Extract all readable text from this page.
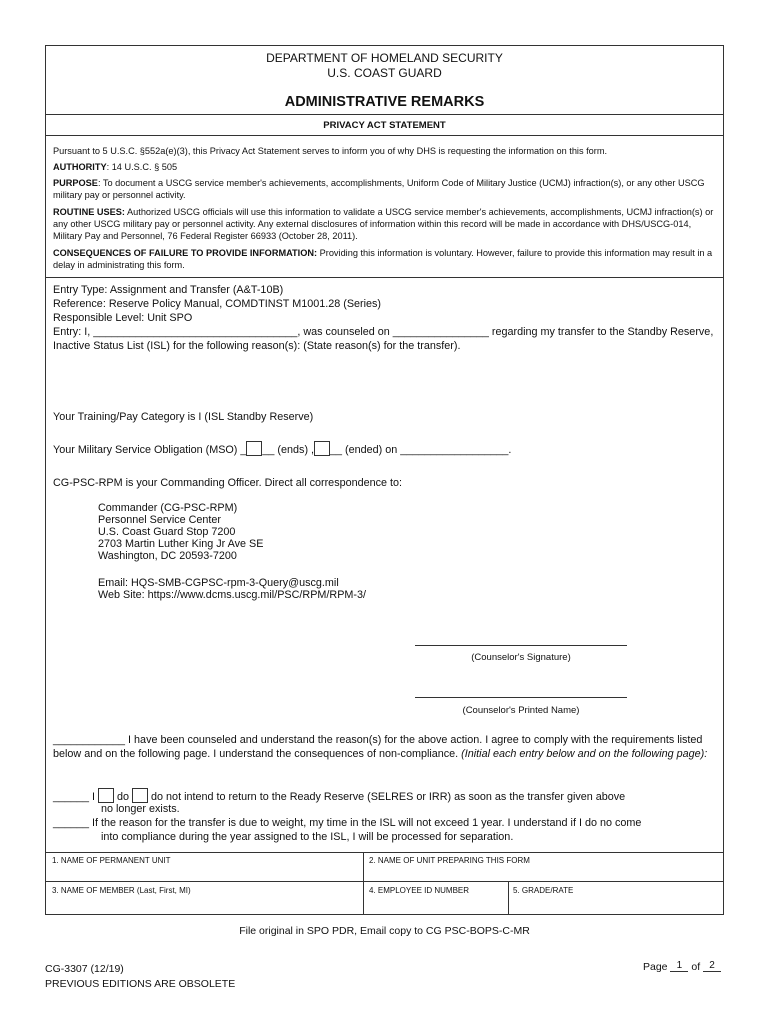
DEPARTMENT OF HOMELAND SECURITY
U.S. COAST GUARD
ADMINISTRATIVE REMARKS
PRIVACY ACT STATEMENT
Pursuant to 5 U.S.C. §552a(e)(3), this Privacy Act Statement serves to inform you of why DHS is requesting the information on this form.
AUTHORITY: 14 U.S.C. § 505
PURPOSE: To document a USCG service member's achievements, accomplishments, Uniform Code of Military Justice (UCMJ) infraction(s), or any other USCG military pay or personnel activity.
ROUTINE USES: Authorized USCG officials will use this information to validate a USCG service member's achievements, accomplishments, UCMJ infraction(s) or any other USCG military pay or personnel activity. Any external disclosures of information within this record will be made in accordance with DHS/USCG-014, Military Pay and Personnel, 76 Federal Register 66933 (October 28, 2011).
CONSEQUENCES OF FAILURE TO PROVIDE INFORMATION: Providing this information is voluntary. However, failure to provide this information may result in a delay in administrating this form.
Entry Type: Assignment and Transfer (A&T-10B)
Reference: Reserve Policy Manual, COMDTINST M1001.28 (Series)
Responsible Level: Unit SPO
Entry: I, __________________________________, was counseled on ________________ regarding my transfer to the Standby Reserve, Inactive Status List (ISL) for the following reason(s): (State reason(s) for the transfer).
Your Training/Pay Category is I (ISL Standby Reserve)
Your Military Service Obligation (MSO) _ __ (ends) , __ (ended) on __________________.
CG-PSC-RPM is your Commanding Officer. Direct all correspondence to:
Commander (CG-PSC-RPM)
Personnel Service Center
U.S. Coast Guard Stop 7200
2703 Martin Luther King Jr Ave SE
Washington, DC 20593-7200
Email: HQS-SMB-CGPSC-rpm-3-Query@uscg.mil
Web Site: https://www.dcms.uscg.mil/PSC/RPM/RPM-3/
(Counselor's Signature)
(Counselor's Printed Name)
____________ I have been counseled and understand the reason(s) for the above action. I agree to comply with the requirements listed below and on the following page. I understand the consequences of non-compliance. (Initial each entry below and on the following page):
______ I  do  do not intend to return to the Ready Reserve (SELRES or IRR) as soon as the transfer given above
no longer exists.
______ If the reason for the transfer is due to weight, my time in the ISL will not exceed 1 year. I understand if I do no come
into compliance during the year assigned to the ISL, I will be processed for separation.
1. NAME OF PERMANENT UNIT	2. NAME OF UNIT PREPARING THIS FORM
3. NAME OF MEMBER (Last, First, MI)	4. EMPLOYEE ID NUMBER	5. GRADE/RATE
File original in SPO PDR, Email copy to CG PSC-BOPS-C-MR
CG-3307 (12/19)
PREVIOUS EDITIONS ARE OBSOLETE
Page 1 of 2
